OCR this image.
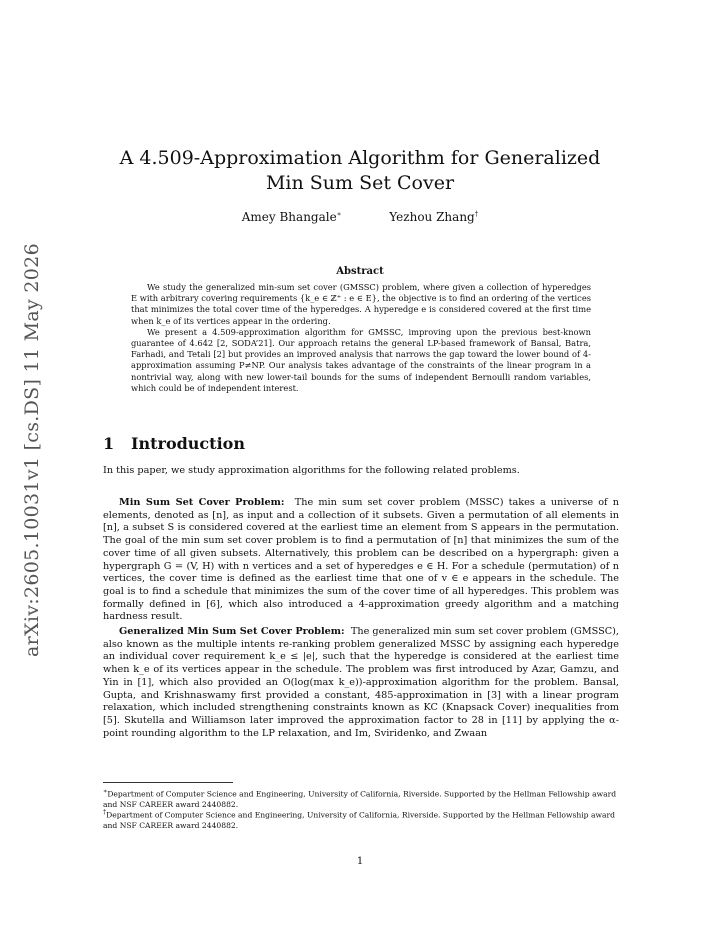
arXiv:2605.10031v1 [cs.DS] 11 May 2026
A 4.509-Approximation Algorithm for Generalized Min Sum Set Cover
Amey Bhangale∗	Yezhou Zhang†
Abstract

We study the generalized min-sum set cover (GMSSC) problem, where given a collection of hyperedges E with arbitrary covering requirements {k_e ∈ ℤ⁺ : e ∈ E}, the objective is to find an ordering of the vertices that minimizes the total cover time of the hyperedges. A hyperedge e is considered covered at the first time when k_e of its vertices appear in the ordering.

We present a 4.509-approximation algorithm for GMSSC, improving upon the previous best-known guarantee of 4.642 [2, SODA’21]. Our approach retains the general LP-based framework of Bansal, Batra, Farhadi, and Tetali [2] but provides an improved analysis that narrows the gap toward the lower bound of 4-approximation assuming P≠NP. Our analysis takes advantage of the constraints of the linear program in a nontrivial way, along with new lower-tail bounds for the sums of independent Bernoulli random variables, which could be of independent interest.

1 Introduction

In this paper, we study approximation algorithms for the following related problems.

Min Sum Set Cover Problem: The min sum set cover problem (MSSC) takes a universe of n elements, denoted as [n], as input and a collection of it subsets. Given a permutation of all elements in [n], a subset S is considered covered at the earliest time an element from S appears in the permutation. The goal of the min sum set cover problem is to find a permutation of [n] that minimizes the sum of the cover time of all given subsets. Alternatively, this problem can be described on a hypergraph: given a hypergraph G = (V, H) with n vertices and a set of hyperedges e ∈ H. For a schedule (permutation) of n vertices, the cover time is defined as the earliest time that one of v ∈ e appears in the schedule. The goal is to find a schedule that minimizes the sum of the cover time of all hyperedges. This problem was formally defined in [6], which also introduced a 4-approximation greedy algorithm and a matching hardness result.

Generalized Min Sum Set Cover Problem: The generalized min sum set cover problem (GMSSC), also known as the multiple intents re-ranking problem generalized MSSC by assigning each hyperedge an individual cover requirement k_e ≤ |e|, such that the hyperedge is considered at the earliest time when k_e of its vertices appear in the schedule. The problem was first introduced by Azar, Gamzu, and Yin in [1], which also provided an O(log(max k_e))-approximation algorithm for the problem. Bansal, Gupta, and Krishnaswamy first provided a constant, 485-approximation in [3] with a linear program relaxation, which included strengthening constraints known as KC (Knapsack Cover) inequalities from [5]. Skutella and Williamson later improved the approximation factor to 28 in [11] by applying the α-point rounding algorithm to the LP relaxation, and Im, Sviridenko, and Zwaan

∗Department of Computer Science and Engineering, University of California, Riverside. Supported by the Hellman Fellowship award and NSF CAREER award 2440882.
†Department of Computer Science and Engineering, University of California, Riverside. Supported by the Hellman Fellowship award and NSF CAREER award 2440882.
1
